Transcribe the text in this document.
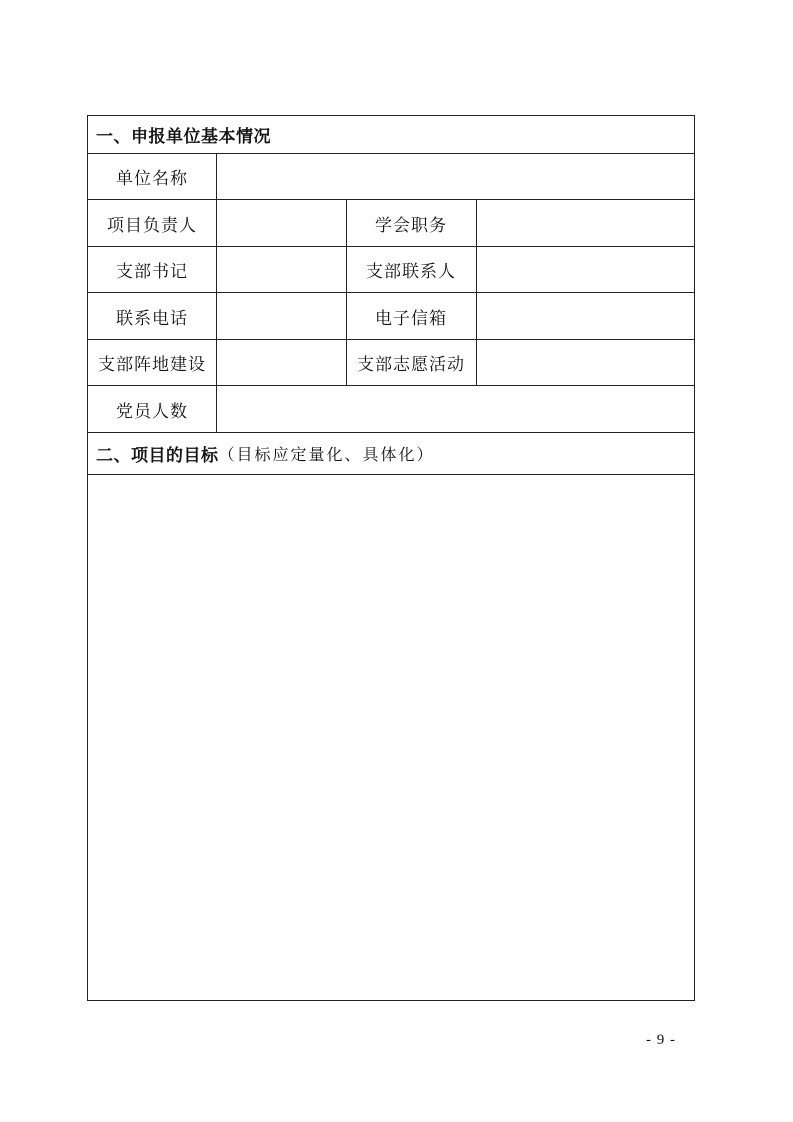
一、申报单位基本情况
单位名称
项目负责人	学会职务
支部书记	支部联系人
联系电话	电子信箱
支部阵地建设	支部志愿活动
党员人数
二、项目的目标 （目标应定量化、具体化）
- 9 -
